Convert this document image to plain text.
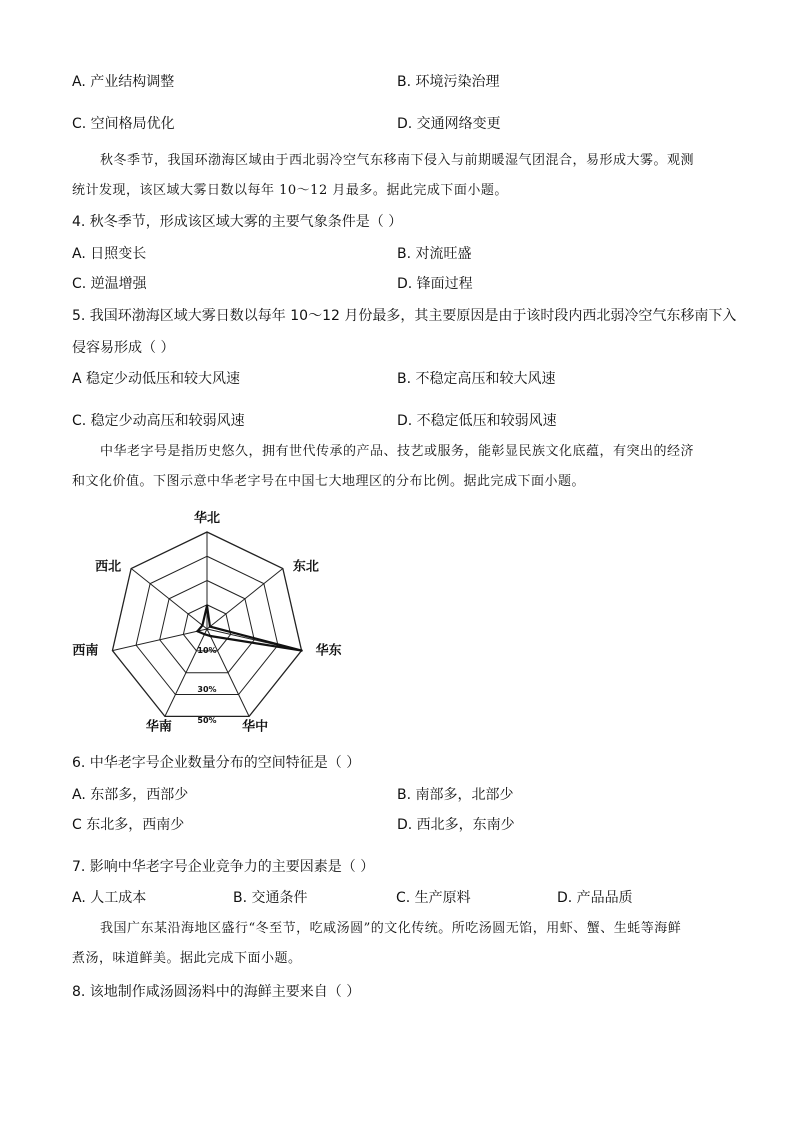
A. 产业结构调整	B. 环境污染治理
C. 空间格局优化	D. 交通网络变更
秋冬季节，我国环渤海区域由于西北弱冷空气东移南下侵入与前期暖湿气团混合，易形成大雾。观测
统计发现，该区域大雾日数以每年 10～12 月最多。据此完成下面小题。
4. 秋冬季节，形成该区域大雾的主要气象条件是（ ）
A. 日照变长	B. 对流旺盛
C. 逆温增强	D. 锋面过程
5. 我国环渤海区域大雾日数以每年 10～12 月份最多，其主要原因是由于该时段内西北弱冷空气东移南下入
侵容易形成（ ）
A 稳定少动低压和较大风速	B. 不稳定高压和较大风速
C. 稳定少动高压和较弱风速	D. 不稳定低压和较弱风速
中华老字号是指历史悠久，拥有世代传承的产品、技艺或服务，能彰显民族文化底蕴，有突出的经济
和文化价值。下图示意中华老字号在中国七大地理区的分布比例。据此完成下面小题。
华北
东北
华东
华中
华南
西南
西北
10%
30%
50%
6. 中华老字号企业数量分布的空间特征是（ ）
A. 东部多，西部少	B. 南部多，北部少
C 东北多，西南少	D. 西北多，东南少
7. 影响中华老字号企业竞争力的主要因素是（ ）
A. 人工成本	B. 交通条件	C. 生产原料	D. 产品品质
我国广东某沿海地区盛行“冬至节，吃咸汤圆”的文化传统。所吃汤圆无馅，用虾、蟹、生蚝等海鲜
煮汤，味道鲜美。据此完成下面小题。
8. 该地制作咸汤圆汤料中的海鲜主要来自（ ）
